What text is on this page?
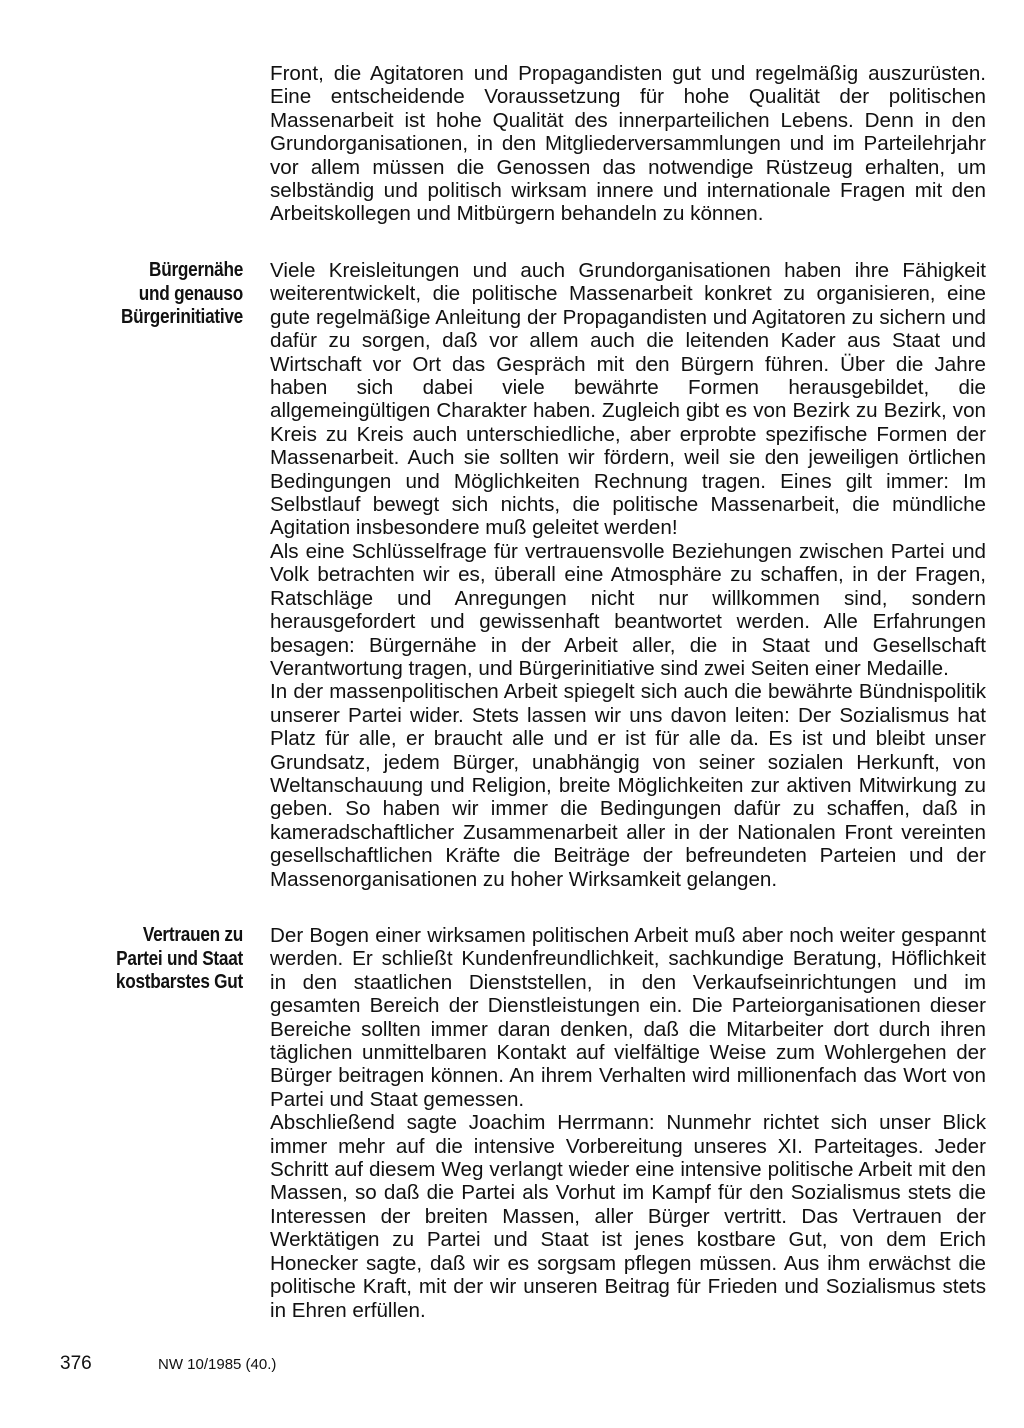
Front, die Agitatoren und Propagandisten gut und regelmäßig auszurüsten. Eine entscheidende Voraussetzung für hohe Qualität der politischen Massenarbeit ist hohe Qualität des innerparteilichen Lebens. Denn in den Grundorganisationen, in den Mitgliederversammlungen und im Parteilehrjahr vor allem müssen die Genossen das notwendige Rüstzeug erhalten, um selbständig und politisch wirksam innere und internationale Fragen mit den Arbeitskollegen und Mitbürgern behandeln zu können.

Bürgernähe
und genauso
Bürgerinitiative

Viele Kreisleitungen und auch Grundorganisationen haben ihre Fähigkeit weiterentwickelt, die politische Massenarbeit konkret zu organisieren, eine gute regelmäßige Anleitung der Propagandisten und Agitatoren zu sichern und dafür zu sorgen, daß vor allem auch die leitenden Kader aus Staat und Wirtschaft vor Ort das Gespräch mit den Bürgern führen. Über die Jahre haben sich dabei viele bewährte Formen herausgebildet, die allgemeingültigen Charakter haben. Zugleich gibt es von Bezirk zu Bezirk, von Kreis zu Kreis auch unterschiedliche, aber erprobte spezifische Formen der Massenarbeit. Auch sie sollten wir fördern, weil sie den jeweiligen örtlichen Bedingungen und Möglichkeiten Rechnung tragen. Eines gilt immer: Im Selbstlauf bewegt sich nichts, die politische Massenarbeit, die mündliche Agitation insbesondere muß geleitet werden!

Als eine Schlüsselfrage für vertrauensvolle Beziehungen zwischen Partei und Volk betrachten wir es, überall eine Atmosphäre zu schaffen, in der Fragen, Ratschläge und Anregungen nicht nur willkommen sind, sondern herausgefordert und gewissenhaft beantwortet werden. Alle Erfahrungen besagen: Bürgernähe in der Arbeit aller, die in Staat und Gesellschaft Verantwortung tragen, und Bürgerinitiative sind zwei Seiten einer Medaille.

In der massenpolitischen Arbeit spiegelt sich auch die bewährte Bündnispolitik unserer Partei wider. Stets lassen wir uns davon leiten: Der Sozialismus hat Platz für alle, er braucht alle und er ist für alle da. Es ist und bleibt unser Grundsatz, jedem Bürger, unabhängig von seiner sozialen Herkunft, von Weltanschauung und Religion, breite Möglichkeiten zur aktiven Mitwirkung zu geben. So haben wir immer die Bedingungen dafür zu schaffen, daß in kameradschaftlicher Zusammenarbeit aller in der Nationalen Front vereinten gesellschaftlichen Kräfte die Beiträge der befreundeten Parteien und der Massenorganisationen zu hoher Wirksamkeit gelangen.

Vertrauen zu
Partei und Staat
kostbarstes Gut

Der Bogen einer wirksamen politischen Arbeit muß aber noch weiter gespannt werden. Er schließt Kundenfreundlichkeit, sachkundige Beratung, Höflichkeit in den staatlichen Dienststellen, in den Verkaufseinrichtungen und im gesamten Bereich der Dienstleistungen ein. Die Parteiorganisationen dieser Bereiche sollten immer daran denken, daß die Mitarbeiter dort durch ihren täglichen unmittelbaren Kontakt auf vielfältige Weise zum Wohlergehen der Bürger beitragen können. An ihrem Verhalten wird millionenfach das Wort von Partei und Staat gemessen.

Abschließend sagte Joachim Herrmann: Nunmehr richtet sich unser Blick immer mehr auf die intensive Vorbereitung unseres XI. Parteitages. Jeder Schritt auf diesem Weg verlangt wieder eine intensive politische Arbeit mit den Massen, so daß die Partei als Vorhut im Kampf für den Sozialismus stets die Interessen der breiten Massen, aller Bürger vertritt. Das Vertrauen der Werktätigen zu Partei und Staat ist jenes kostbare Gut, von dem Erich Honecker sagte, daß wir es sorgsam pflegen müssen. Aus ihm erwächst die politische Kraft, mit der wir unseren Beitrag für Frieden und Sozialismus stets in Ehren erfüllen.

376	NW 10/1985 (40.)
